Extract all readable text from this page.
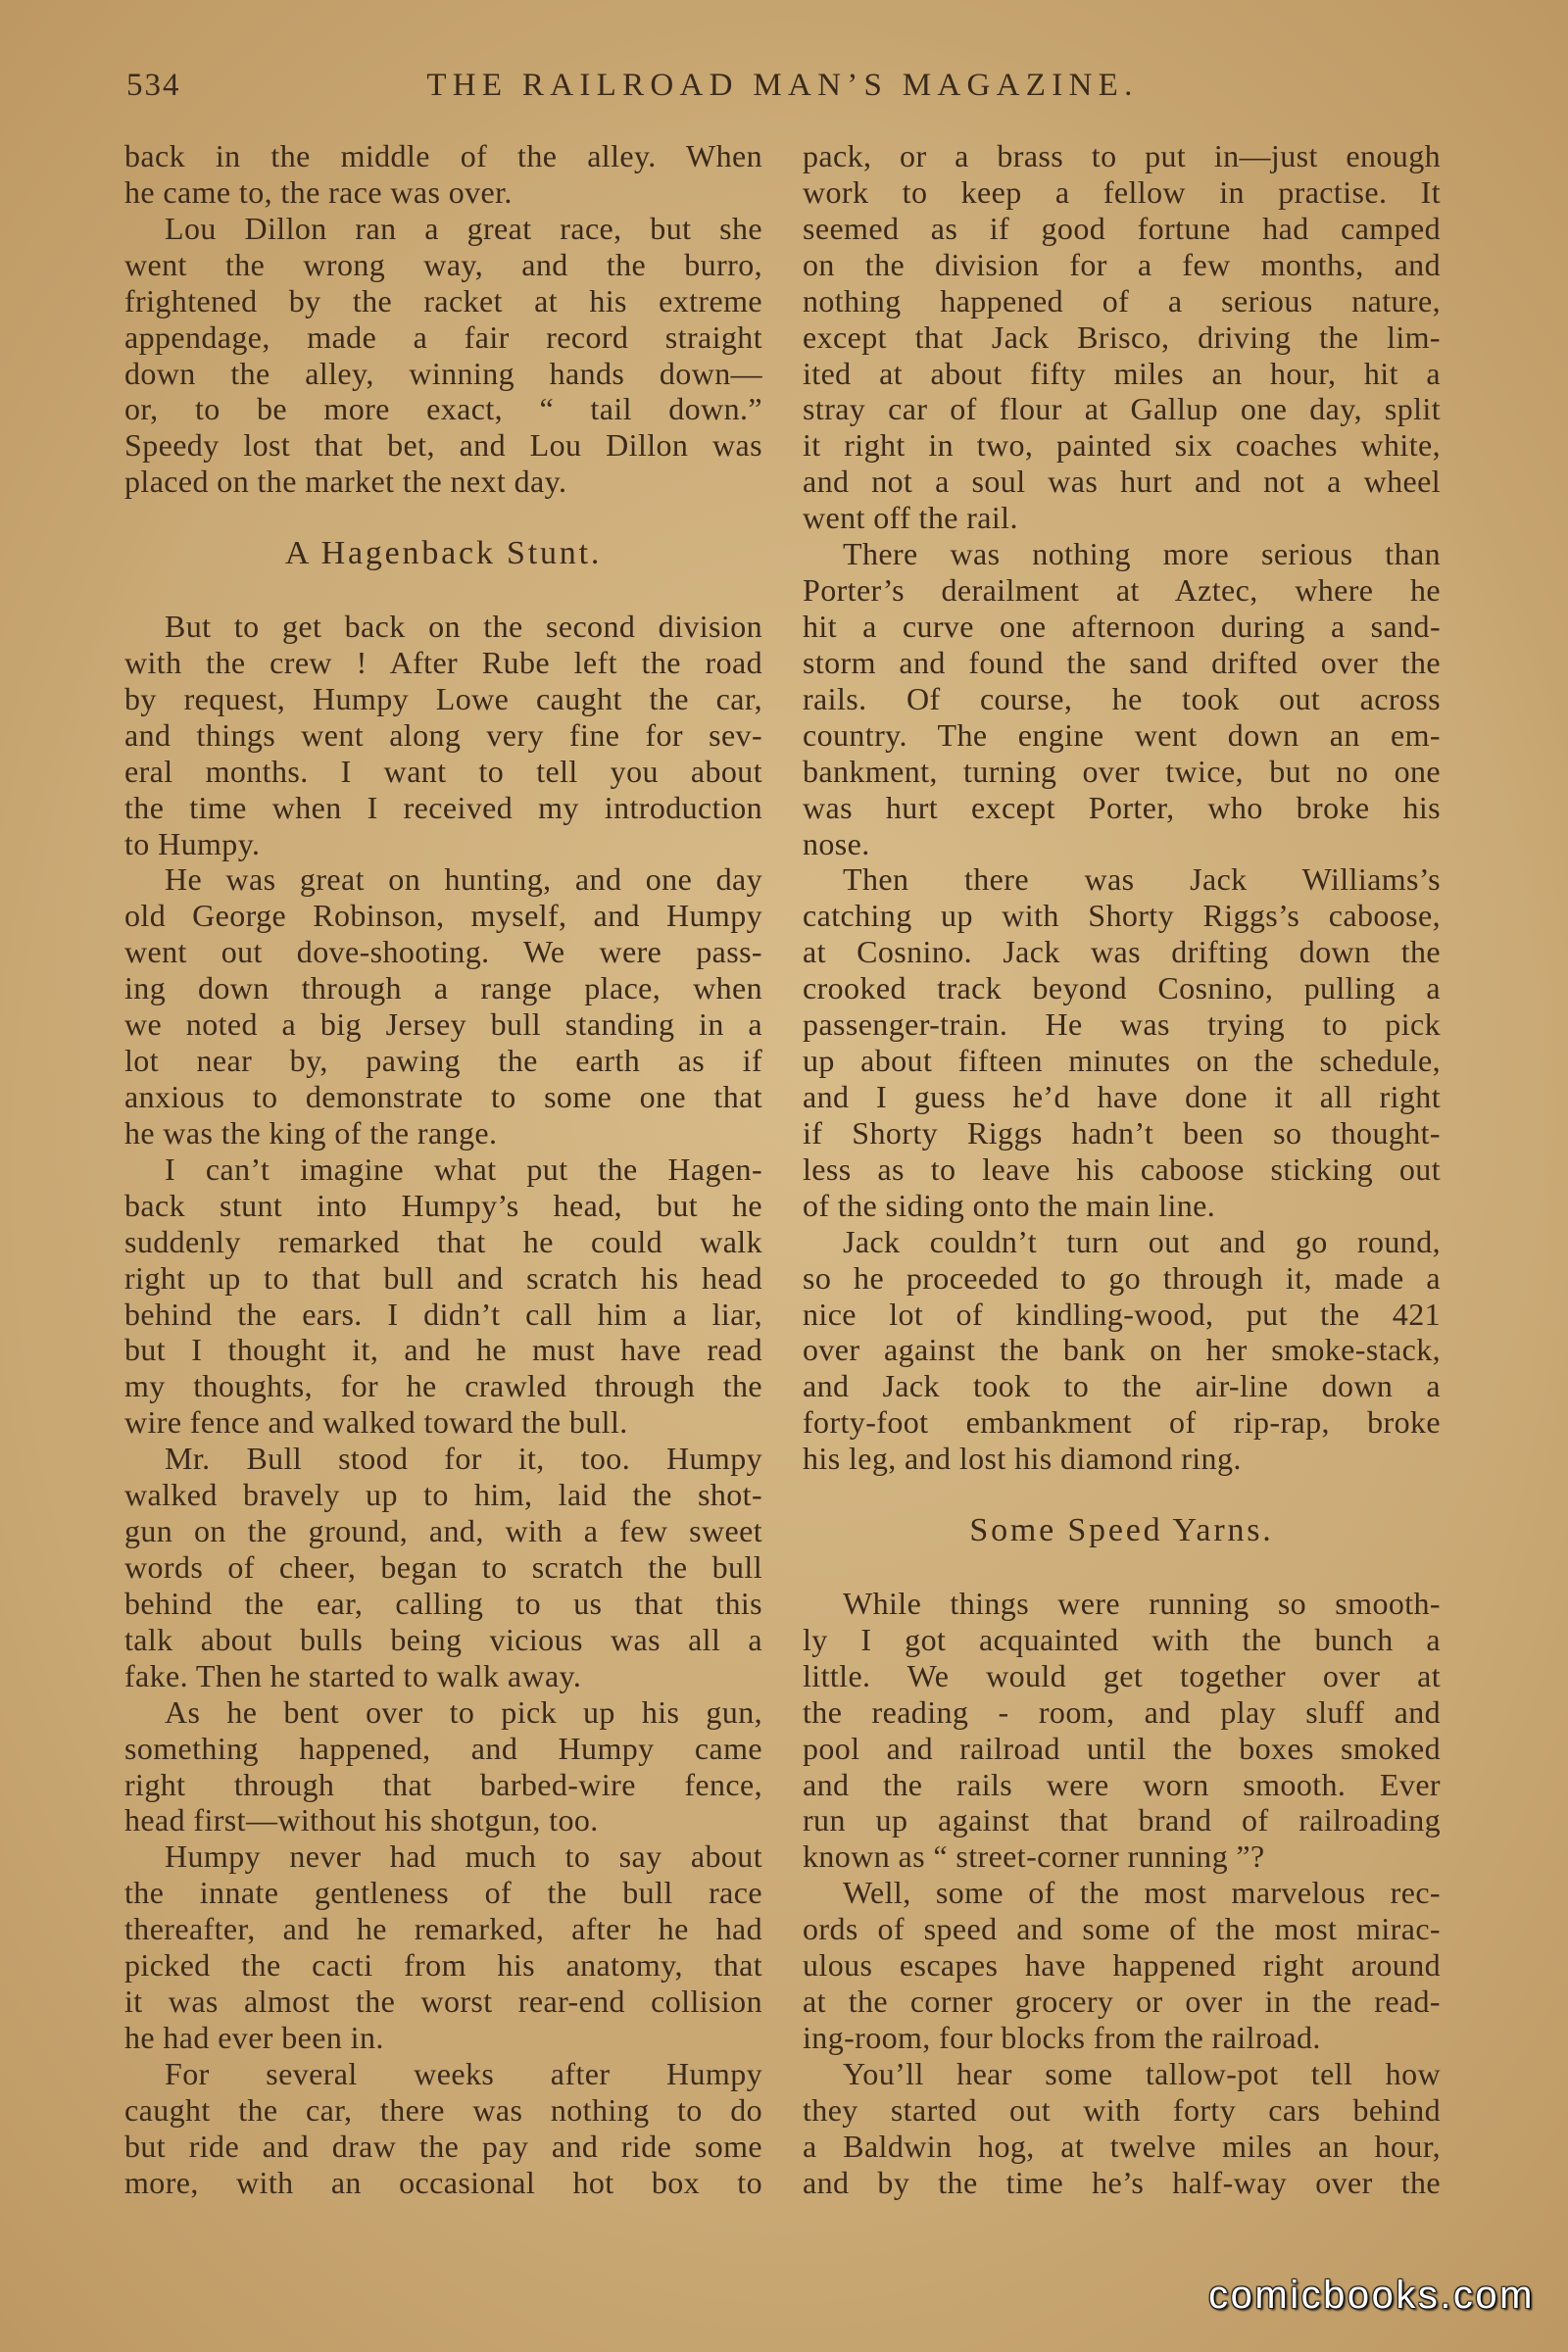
534	THE RAILROAD MAN’S MAGAZINE.
back in the middle of the alley. When
he came to, the race was over.
Lou Dillon ran a great race, but she
went the wrong way, and the burro,
frightened by the racket at his extreme
appendage, made a fair record straight
down the alley, winning hands down—
or, to be more exact, “ tail down.”
Speedy lost that bet, and Lou Dillon was
placed on the market the next day.
A Hagenback Stunt.
But to get back on the second division
with the crew ! After Rube left the road
by request, Humpy Lowe caught the car,
and things went along very fine for sev-
eral months. I want to tell you about
the time when I received my introduction
to Humpy.
He was great on hunting, and one day
old George Robinson, myself, and Humpy
went out dove-shooting. We were pass-
ing down through a range place, when
we noted a big Jersey bull standing in a
lot near by, pawing the earth as if
anxious to demonstrate to some one that
he was the king of the range.
I can’t imagine what put the Hagen-
back stunt into Humpy’s head, but he
suddenly remarked that he could walk
right up to that bull and scratch his head
behind the ears. I didn’t call him a liar,
but I thought it, and he must have read
my thoughts, for he crawled through the
wire fence and walked toward the bull.
Mr. Bull stood for it, too. Humpy
walked bravely up to him, laid the shot-
gun on the ground, and, with a few sweet
words of cheer, began to scratch the bull
behind the ear, calling to us that this
talk about bulls being vicious was all a
fake. Then he started to walk away.
As he bent over to pick up his gun,
something happened, and Humpy came
right through that barbed-wire fence,
head first—without his shotgun, too.
Humpy never had much to say about
the innate gentleness of the bull race
thereafter, and he remarked, after he had
picked the cacti from his anatomy, that
it was almost the worst rear-end collision
he had ever been in.
For several weeks after Humpy
caught the car, there was nothing to do
but ride and draw the pay and ride some
more, with an occasional hot box to
pack, or a brass to put in—just enough
work to keep a fellow in practise. It
seemed as if good fortune had camped
on the division for a few months, and
nothing happened of a serious nature,
except that Jack Brisco, driving the lim-
ited at about fifty miles an hour, hit a
stray car of flour at Gallup one day, split
it right in two, painted six coaches white,
and not a soul was hurt and not a wheel
went off the rail.
There was nothing more serious than
Porter’s derailment at Aztec, where he
hit a curve one afternoon during a sand-
storm and found the sand drifted over the
rails. Of course, he took out across
country. The engine went down an em-
bankment, turning over twice, but no one
was hurt except Porter, who broke his
nose.
Then there was Jack Williams’s
catching up with Shorty Riggs’s caboose,
at Cosnino. Jack was drifting down the
crooked track beyond Cosnino, pulling a
passenger-train. He was trying to pick
up about fifteen minutes on the schedule,
and I guess he’d have done it all right
if Shorty Riggs hadn’t been so thought-
less as to leave his caboose sticking out
of the siding onto the main line.
Jack couldn’t turn out and go round,
so he proceeded to go through it, made a
nice lot of kindling-wood, put the 421
over against the bank on her smoke-stack,
and Jack took to the air-line down a
forty-foot embankment of rip-rap, broke
his leg, and lost his diamond ring.
Some Speed Yarns.
While things were running so smooth-
ly I got acquainted with the bunch a
little. We would get together over at
the reading - room, and play sluff and
pool and railroad until the boxes smoked
and the rails were worn smooth. Ever
run up against that brand of railroading
known as “ street-corner running ”?
Well, some of the most marvelous rec-
ords of speed and some of the most mirac-
ulous escapes have happened right around
at the corner grocery or over in the read-
ing-room, four blocks from the railroad.
You’ll hear some tallow-pot tell how
they started out with forty cars behind
a Baldwin hog, at twelve miles an hour,
and by the time he’s half-way over the
comicbooks.com
